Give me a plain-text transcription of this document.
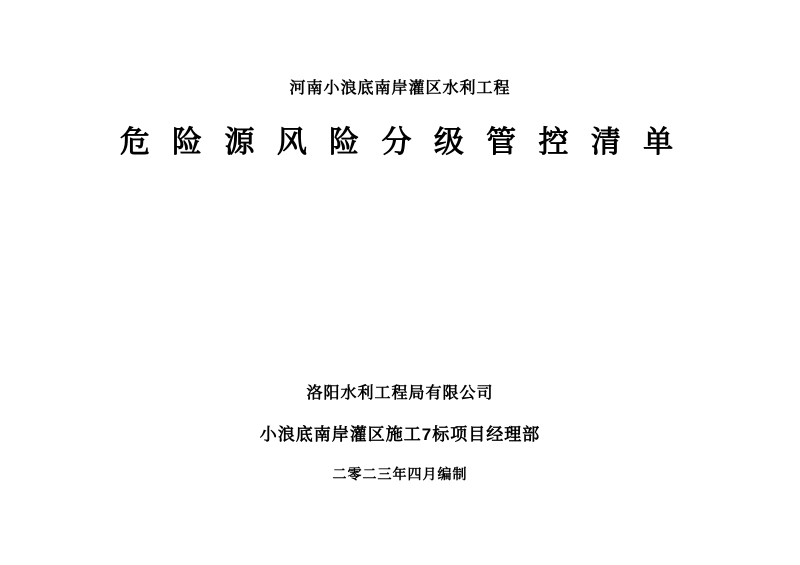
河南小浪底南岸灌区水利工程
危 险 源 风 险 分 级 管 控 清 单
洛阳水利工程局有限公司
小浪底南岸灌区施工7标项目经理部
二零二三年四月编制
